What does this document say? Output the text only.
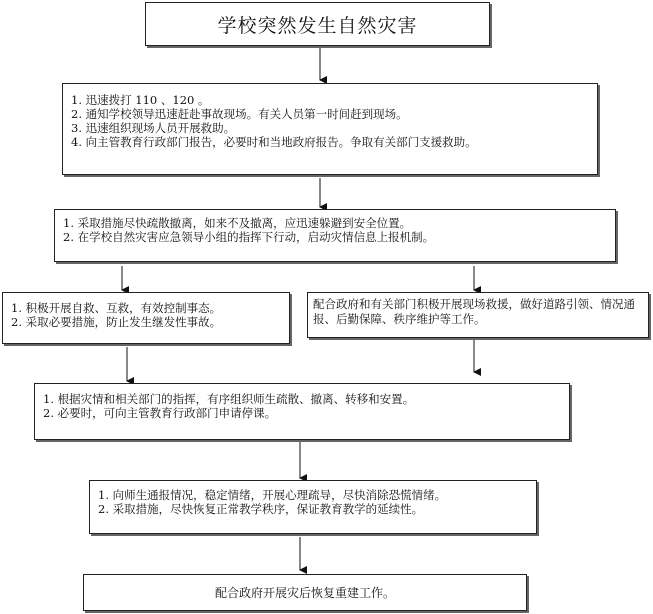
学校突然发生自然灾害
1. 迅速拨打 110 、120 。
2. 通知学校领导迅速赶赴事故现场。有关人员第一时间赶到现场。
3. 迅速组织现场人员开展救助。
4. 向主管教育行政部门报告，必要时和当地政府报告。争取有关部门支援救助。
1. 采取措施尽快疏散撤离，如来不及撤离，应迅速躲避到安全位置。
2. 在学校自然灾害应急领导小组的指挥下行动，启动灾情信息上报机制。
1. 积极开展自救、互救，有效控制事态。
2. 采取必要措施，防止发生继发性事故。
配合政府和有关部门积极开展现场救援，做好道路引领、情况通报、后勤保障、秩序维护等工作。
1. 根据灾情和相关部门的指挥，有序组织师生疏散、撤离、转移和安置。
2. 必要时，可向主管教育行政部门申请停课。
1. 向师生通报情况，稳定情绪，开展心理疏导，尽快消除恐慌情绪。
2. 采取措施，尽快恢复正常教学秩序，保证教育教学的延续性。
配合政府开展灾后恢复重建工作。
